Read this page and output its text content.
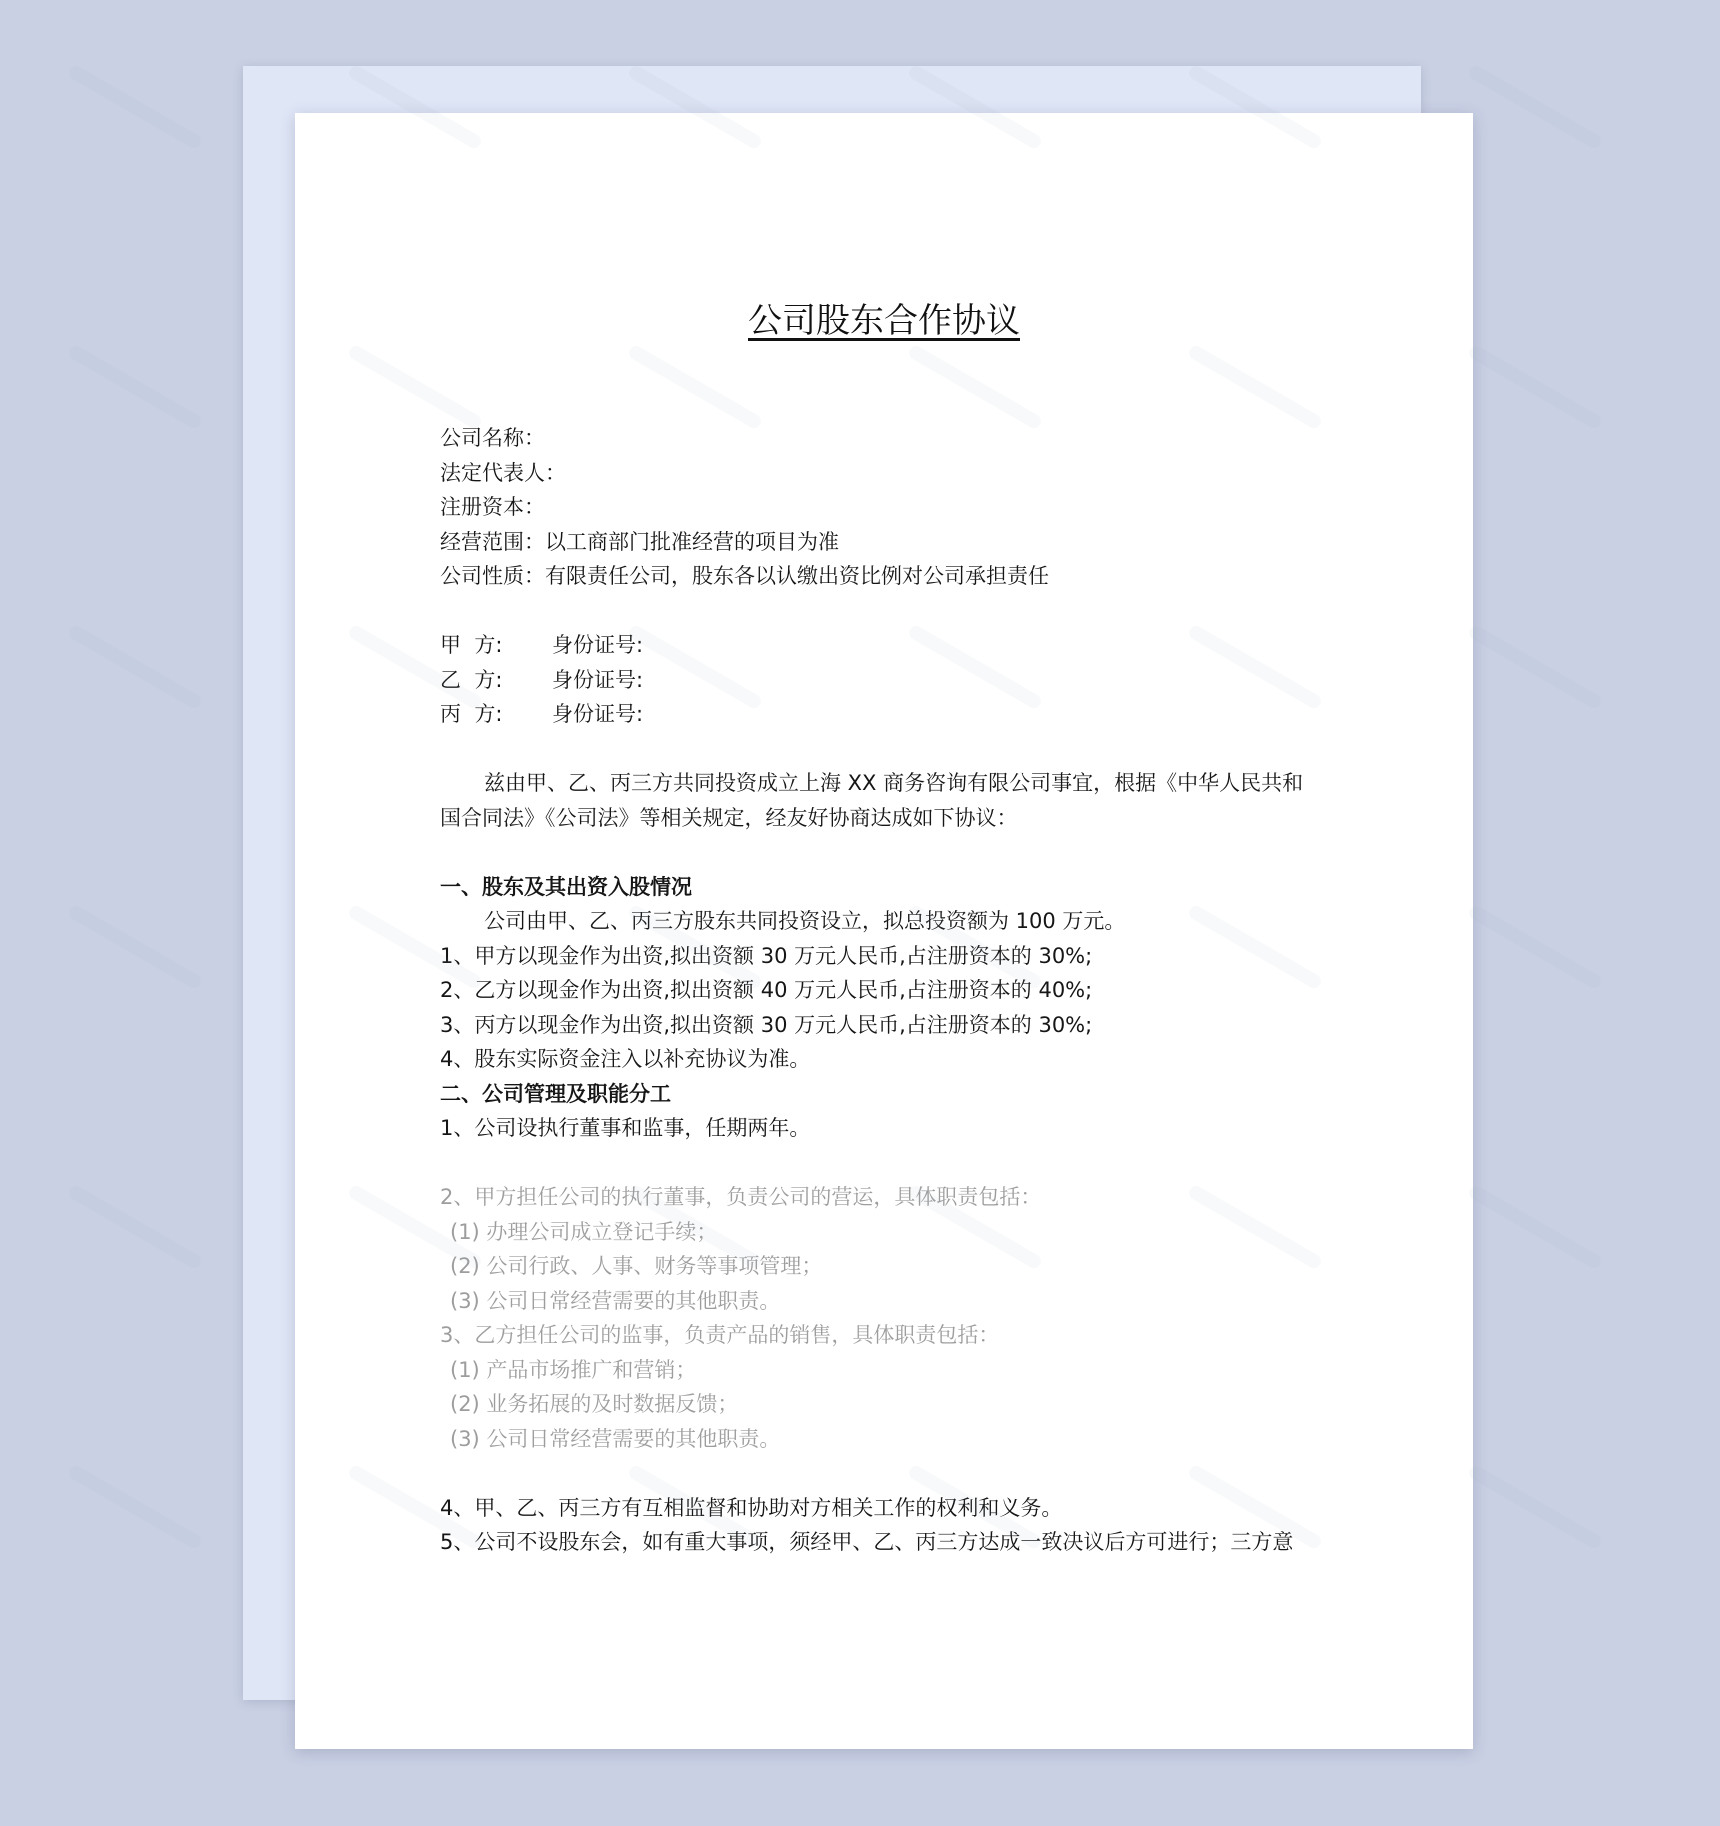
公司股东合作协议
公司名称：
法定代表人：
注册资本：
经营范围：以工商部门批准经营的项目为准
公司性质：有限责任公司，股东各以认缴出资比例对公司承担责任
甲  方: 身份证号:
乙  方: 身份证号:
丙  方: 身份证号:
兹由甲、乙、丙三方共同投资成立上海 XX 商务咨询有限公司事宜，根据《中华人民共和
国合同法》《公司法》等相关规定，经友好协商达成如下协议：
一、股东及其出资入股情况
公司由甲、乙、丙三方股东共同投资设立，拟总投资额为 100 万元。
1、甲方以现金作为出资,拟出资额 30 万元人民币,占注册资本的 30%;
2、乙方以现金作为出资,拟出资额 40 万元人民币,占注册资本的 40%;
3、丙方以现金作为出资,拟出资额 30 万元人民币,占注册资本的 30%;
4、股东实际资金注入以补充协议为准。
二、公司管理及职能分工
1、公司设执行董事和监事，任期两年。
2、甲方担任公司的执行董事，负责公司的营运，具体职责包括：
(1) 办理公司成立登记手续；
(2) 公司行政、人事、财务等事项管理；
(3) 公司日常经营需要的其他职责。
3、乙方担任公司的监事，负责产品的销售，具体职责包括：
(1) 产品市场推广和营销；
(2) 业务拓展的及时数据反馈；
(3) 公司日常经营需要的其他职责。
4、甲、乙、丙三方有互相监督和协助对方相关工作的权利和义务。
5、公司不设股东会，如有重大事项，须经甲、乙、丙三方达成一致决议后方可进行；三方意
